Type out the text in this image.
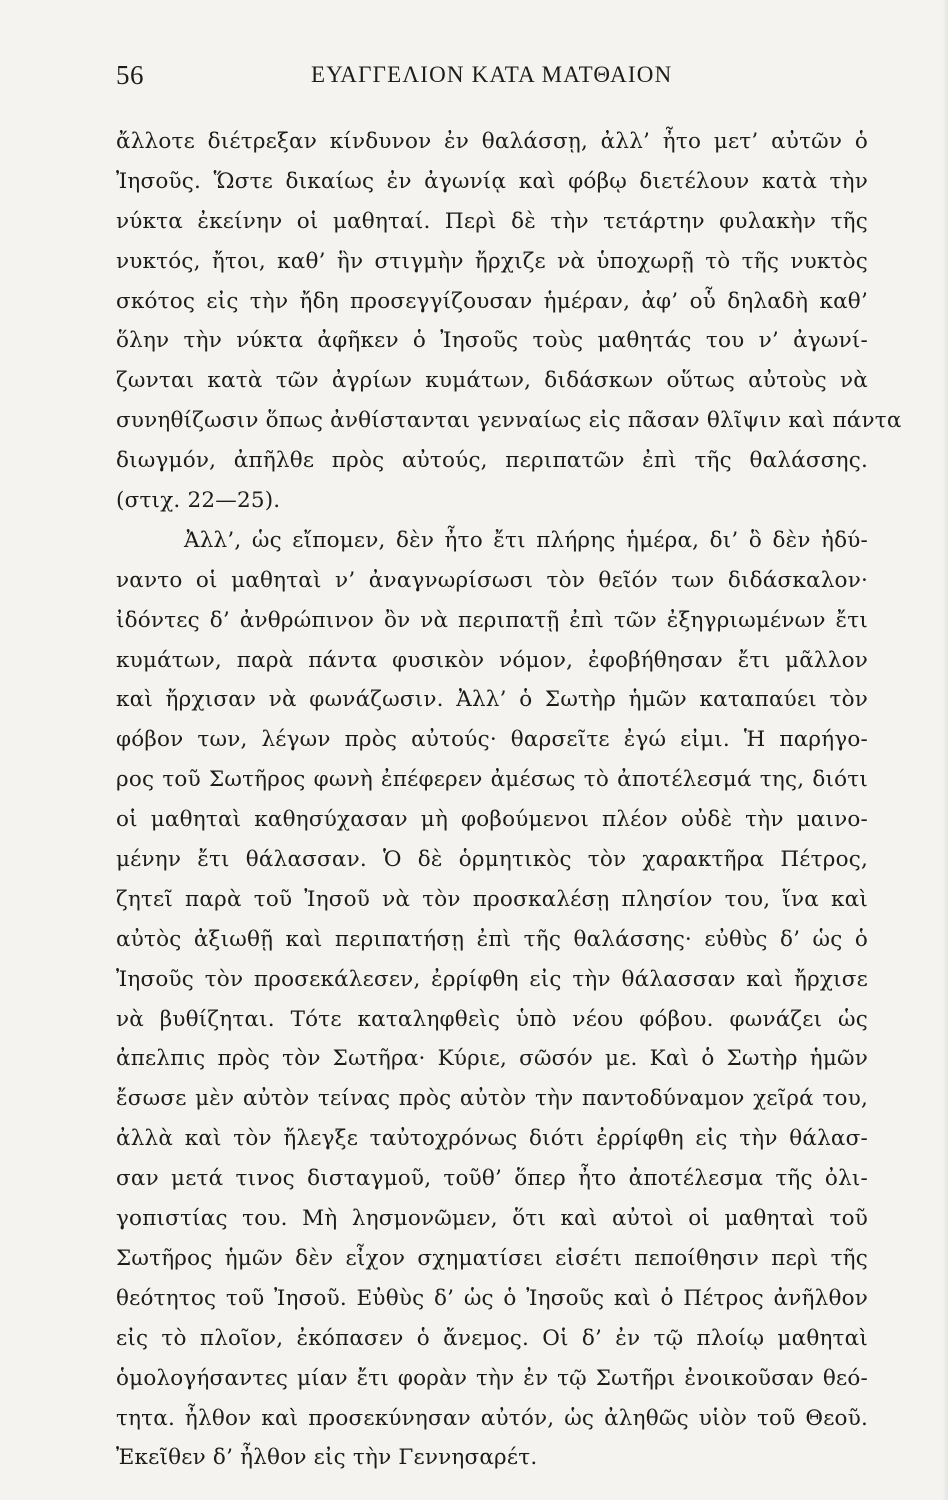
56	ΕΥΑΓΓΕΛΙΟΝ ΚΑΤΑ ΜΑΤΘΑΙΟΝ
ἄλλοτε διέτρεξαν κίνδυνον ἐν θαλάσσῃ, ἀλλ’ ἦτο μετ’ αὐτῶν ὁ
Ἰησοῦς. Ὥστε δικαίως ἐν ἀγωνίᾳ καὶ φόβῳ διετέλουν κατὰ τὴν
νύκτα ἐκείνην οἱ μαθηταί. Περὶ δὲ τὴν τετάρτην φυλακὴν τῆς
νυκτός, ἤτοι, καθ’ ἣν στιγμὴν ἤρχιζε νὰ ὑποχωρῇ τὸ τῆς νυκτὸς
σκότος εἰς τὴν ἤδη προσεγγίζουσαν ἡμέραν, ἀφ’ οὗ δηλαδὴ καθ’
ὅλην τὴν νύκτα ἀφῆκεν ὁ Ἰησοῦς τοὺς μαθητάς του ν’ ἀγωνί-
ζωνται κατὰ τῶν ἀγρίων κυμάτων, διδάσκων οὕτως αὐτοὺς νὰ
συνηθίζωσιν ὅπως ἀνθίστανται γενναίως εἰς πᾶσαν θλῖψιν καὶ πάντα
διωγμόν, ἀπῆλθε πρὸς αὐτούς, περιπατῶν ἐπὶ τῆς θαλάσσης.
(στιχ. 22—25).
Ἀλλ’, ὡς εἴπομεν, δὲν ἦτο ἔτι πλήρης ἡμέρα, δι’ ὃ δὲν ἠδύ-
ναντο οἱ μαθηταὶ ν’ ἀναγνωρίσωσι τὸν θεῖόν των διδάσκαλον·
ἰδόντες δ’ ἀνθρώπινον ὂν νὰ περιπατῇ ἐπὶ τῶν ἐξηγριωμένων ἔτι
κυμάτων, παρὰ πάντα φυσικὸν νόμον, ἐφοβήθησαν ἔτι μᾶλλον
καὶ ἤρχισαν νὰ φωνάζωσιν. Ἀλλ’ ὁ Σωτὴρ ἡμῶν καταπαύει τὸν
φόβον των, λέγων πρὸς αὐτούς· θαρσεῖτε ἐγώ εἰμι. Ἡ παρήγο-
ρος τοῦ Σωτῆρος φωνὴ ἐπέφερεν ἀμέσως τὸ ἀποτέλεσμά της, διότι
οἱ μαθηταὶ καθησύχασαν μὴ φοβούμενοι πλέον οὐδὲ τὴν μαινο-
μένην ἔτι θάλασσαν. Ὁ δὲ ὁρμητικὸς τὸν χαρακτῆρα Πέτρος,
ζητεῖ παρὰ τοῦ Ἰησοῦ νὰ τὸν προσκαλέσῃ πλησίον του, ἵνα καὶ
αὐτὸς ἀξιωθῇ καὶ περιπατήσῃ ἐπὶ τῆς θαλάσσης· εὐθὺς δ’ ὡς ὁ
Ἰησοῦς τὸν προσεκάλεσεν, ἐρρίφθη εἰς τὴν θάλασσαν καὶ ἤρχισε
νὰ βυθίζηται. Τότε καταληφθεὶς ὑπὸ νέου φόβου. φωνάζει ὡς
ἀπελπις πρὸς τὸν Σωτῆρα· Κύριε, σῶσόν με. Καὶ ὁ Σωτὴρ ἡμῶν
ἔσωσε μὲν αὐτὸν τείνας πρὸς αὐτὸν τὴν παντοδύναμον χεῖρά του,
ἀλλὰ καὶ τὸν ἤλεγξε ταὐτοχρόνως διότι ἐρρίφθη εἰς τὴν θάλασ-
σαν μετά τινος δισταγμοῦ, τοῦθ’ ὅπερ ἦτο ἀποτέλεσμα τῆς ὀλι-
γοπιστίας του. Μὴ λησμονῶμεν, ὅτι καὶ αὐτοὶ οἱ μαθηταὶ τοῦ
Σωτῆρος ἡμῶν δὲν εἶχον σχηματίσει εἰσέτι πεποίθησιν περὶ τῆς
θεότητος τοῦ Ἰησοῦ. Εὐθὺς δ’ ὡς ὁ Ἰησοῦς καὶ ὁ Πέτρος ἀνῆλθον
εἰς τὸ πλοῖον, ἐκόπασεν ὁ ἄνεμος. Οἱ δ’ ἐν τῷ πλοίῳ μαθηταὶ
ὁμολογήσαντες μίαν ἔτι φορὰν τὴν ἐν τῷ Σωτῆρι ἐνοικοῦσαν θεό-
τητα. ἦλθον καὶ προσεκύνησαν αὐτόν, ὡς ἀληθῶς υἱὸν τοῦ Θεοῦ.
Ἐκεῖθεν δ’ ἦλθον εἰς τὴν Γεννησαρέτ.
